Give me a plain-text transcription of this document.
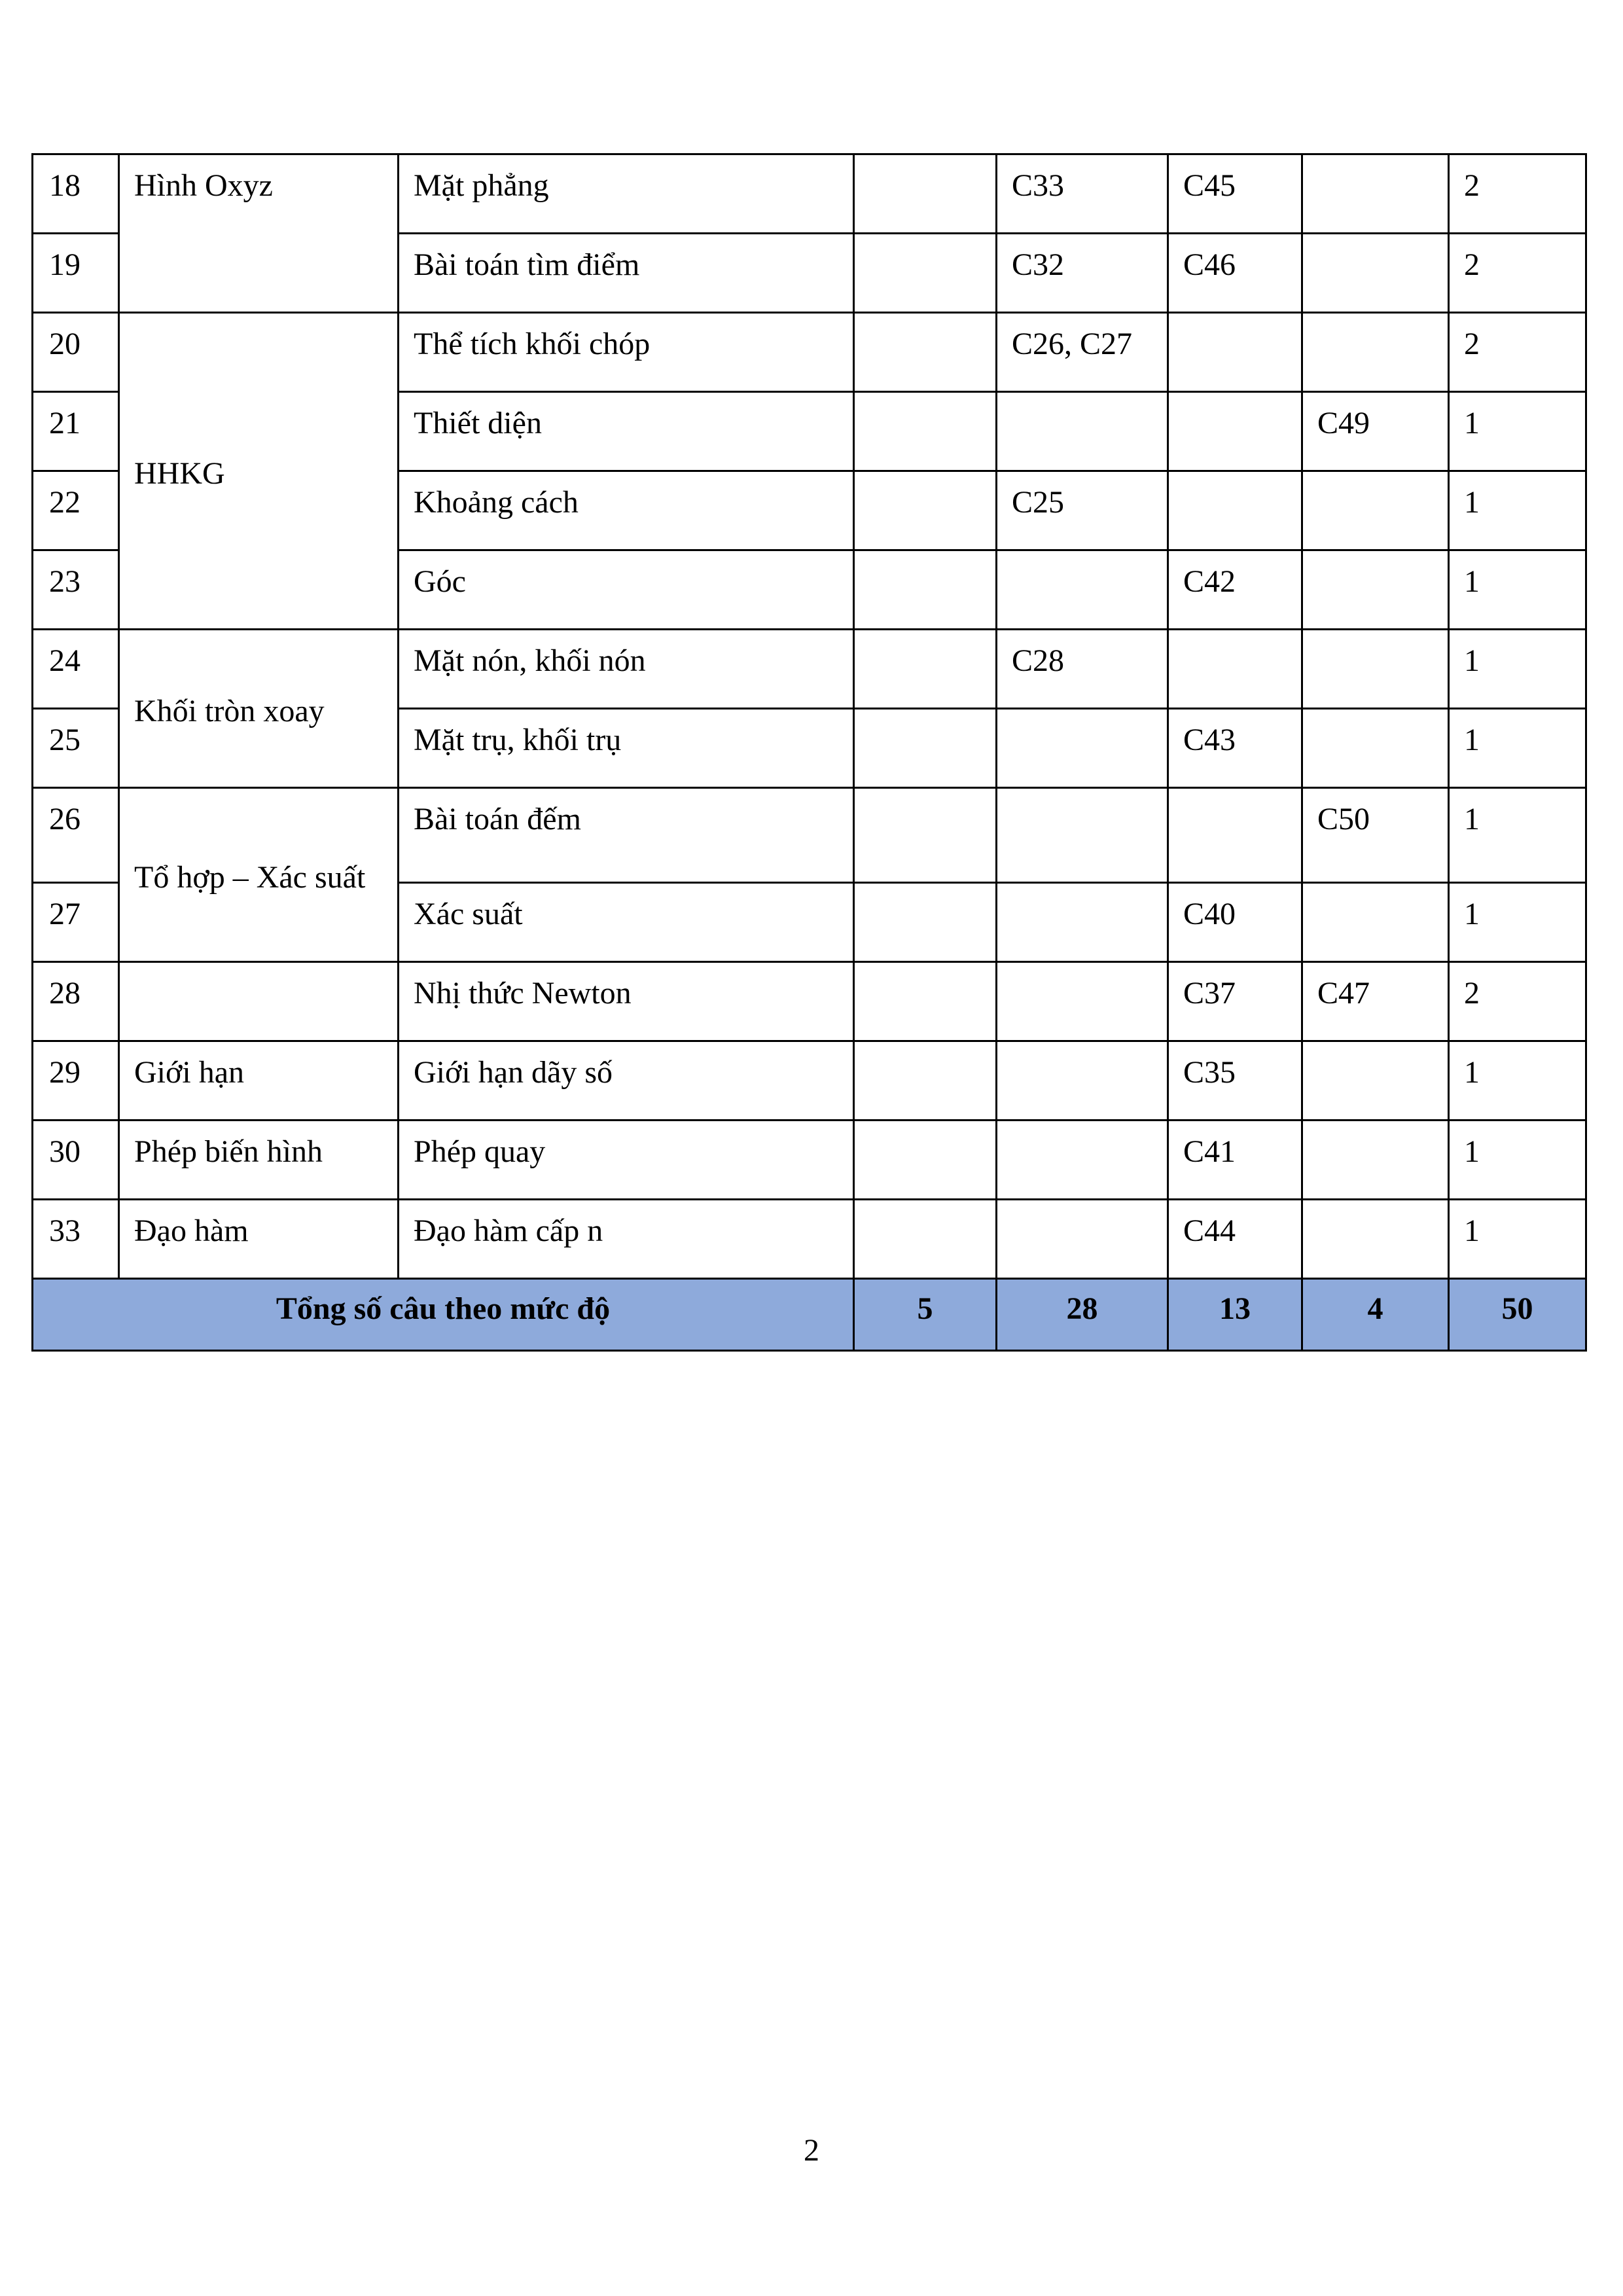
18	Hình Oxyz	Mặt phẳng		C33	C45		2
19		Bài toán tìm điểm		C32	C46		2
20	HHKG	Thể tích khối chóp		C26, C27			2
21		Thiết diện				C49	1
22		Khoảng cách		C25			1
23		Góc			C42		1
24	Khối tròn xoay	Mặt nón, khối nón		C28			1
25		Mặt trụ, khối trụ			C43		1
26	Tổ hợp – Xác suất	Bài toán đếm				C50	1
27		Xác suất			C40		1
28		Nhị thức Newton			C37	C47	2
29	Giới hạn	Giới hạn dãy số			C35		1
30	Phép biến hình	Phép quay			C41		1
33	Đạo hàm	Đạo hàm cấp n			C44		1
Tổng số câu theo mức độ			5	28	13	4	50
2
